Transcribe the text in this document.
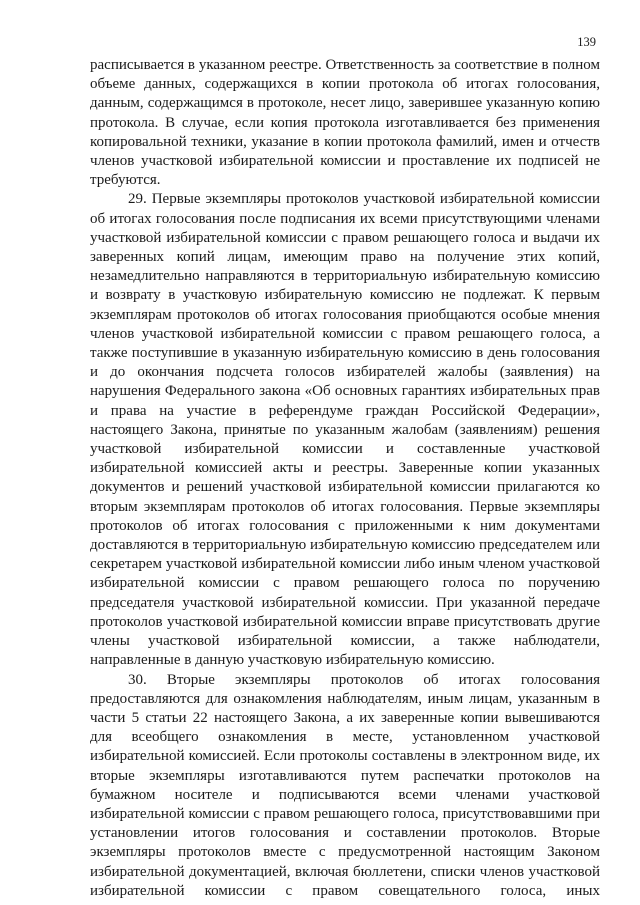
139

расписывается в указанном реестре. Ответственность за соответствие в полном объеме данных, содержащихся в копии протокола об итогах голосования, данным, содержащимся в протоколе, несет лицо, заверившее указанную копию протокола. В случае, если копия протокола изготавливается без применения копировальной техники, указание в копии протокола фамилий, имен и отчеств членов участковой избирательной комиссии и проставление их подписей не требуются.

29. Первые экземпляры протоколов участковой избирательной комиссии об итогах голосования после подписания их всеми присутствующими членами участковой избирательной комиссии с правом решающего голоса и выдачи их заверенных копий лицам, имеющим право на получение этих копий, незамедлительно направляются в территориальную избирательную комиссию и возврату в участковую избирательную комиссию не подлежат. К первым экземплярам протоколов об итогах голосования приобщаются особые мнения членов участковой избирательной комиссии с правом решающего голоса, а также поступившие в указанную избирательную комиссию в день голосования и до окончания подсчета голосов избирателей жалобы (заявления) на нарушения Федерального закона «Об основных гарантиях избирательных прав и права на участие в референдуме граждан Российской Федерации», настоящего Закона, принятые по указанным жалобам (заявлениям) решения участковой избирательной комиссии и составленные участковой избирательной комиссией акты и реестры. Заверенные копии указанных документов и решений участковой избирательной комиссии прилагаются ко вторым экземплярам протоколов об итогах голосования. Первые экземпляры протоколов об итогах голосования с приложенными к ним документами доставляются в территориальную избирательную комиссию председателем или секретарем участковой избирательной комиссии либо иным членом участковой избирательной комиссии с правом решающего голоса по поручению председателя участковой избирательной комиссии. При указанной передаче протоколов участковой избирательной комиссии вправе присутствовать другие члены участковой избирательной комиссии, а также наблюдатели, направленные в данную участковую избирательную комиссию.

30. Вторые экземпляры протоколов об итогах голосования предоставляются для ознакомления наблюдателям, иным лицам, указанным в части 5 статьи 22 настоящего Закона, а их заверенные копии вывешиваются для всеобщего ознакомления в месте, установленном участковой избирательной комиссией. Если протоколы составлены в электронном виде, их вторые экземпляры изготавливаются путем распечатки протоколов на бумажном носителе и подписываются всеми членами участковой избирательной комиссии с правом решающего голоса, присутствовавшими при установлении итогов голосования и составлении протоколов. Вторые экземпляры протоколов вместе с предусмотренной настоящим Законом избирательной документацией, включая бюллетени, списки членов участковой избирательной комиссии с правом совещательного голоса, иных
